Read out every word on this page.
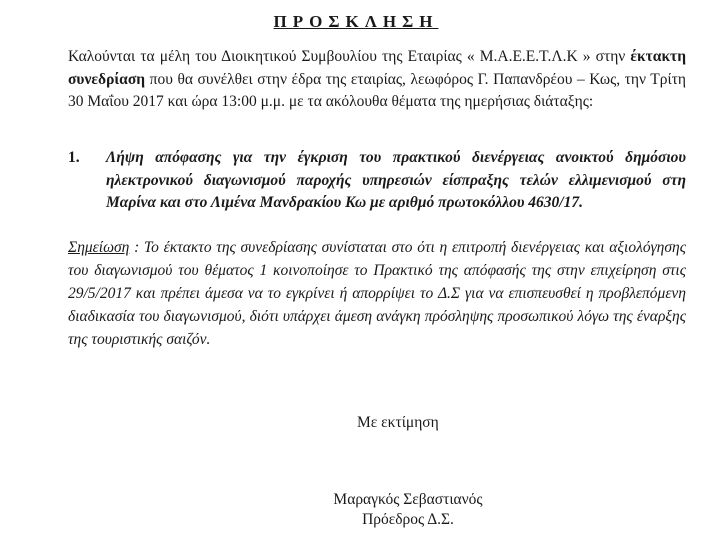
ΠΡΟΣΚΛΗΣΗ
Καλούνται τα μέλη του Διοικητικού Συμβουλίου της Εταιρίας « Μ.Α.Ε.Ε.Τ.Λ.Κ » στην έκτακτη συνεδρίαση που θα συνέλθει στην έδρα της εταιρίας, λεωφόρος Γ. Παπανδρέου – Κως, την Τρίτη 30 Μαΐου 2017 και ώρα 13:00 μ.μ. με τα ακόλουθα θέματα της ημερήσιας διάταξης:
1.	Λήψη απόφασης για την έγκριση του πρακτικού διενέργειας ανοικτού δημόσιου ηλεκτρονικού διαγωνισμού παροχής υπηρεσιών είσπραξης τελών ελλιμενισμού στη Μαρίνα και στο Λιμένα Μανδρακίου Κω με αριθμό πρωτοκόλλου 4630/17.
Σημείωση : Το έκτακτο της συνεδρίασης συνίσταται στο ότι η επιτροπή διενέργειας και αξιολόγησης του διαγωνισμού του θέματος 1 κοινοποίησε το Πρακτικό της απόφασής της στην επιχείρηση στις 29/5/2017 και πρέπει άμεσα να το εγκρίνει ή απορρίψει το Δ.Σ για να επισπευσθεί η προβλεπόμενη διαδικασία του διαγωνισμού, διότι υπάρχει άμεση ανάγκη πρόσληψης προσωπικού λόγω της έναρξης της τουριστικής σαιζόν.
Με εκτίμηση
Μαραγκός Σεβαστιανός
Πρόεδρος Δ.Σ.
